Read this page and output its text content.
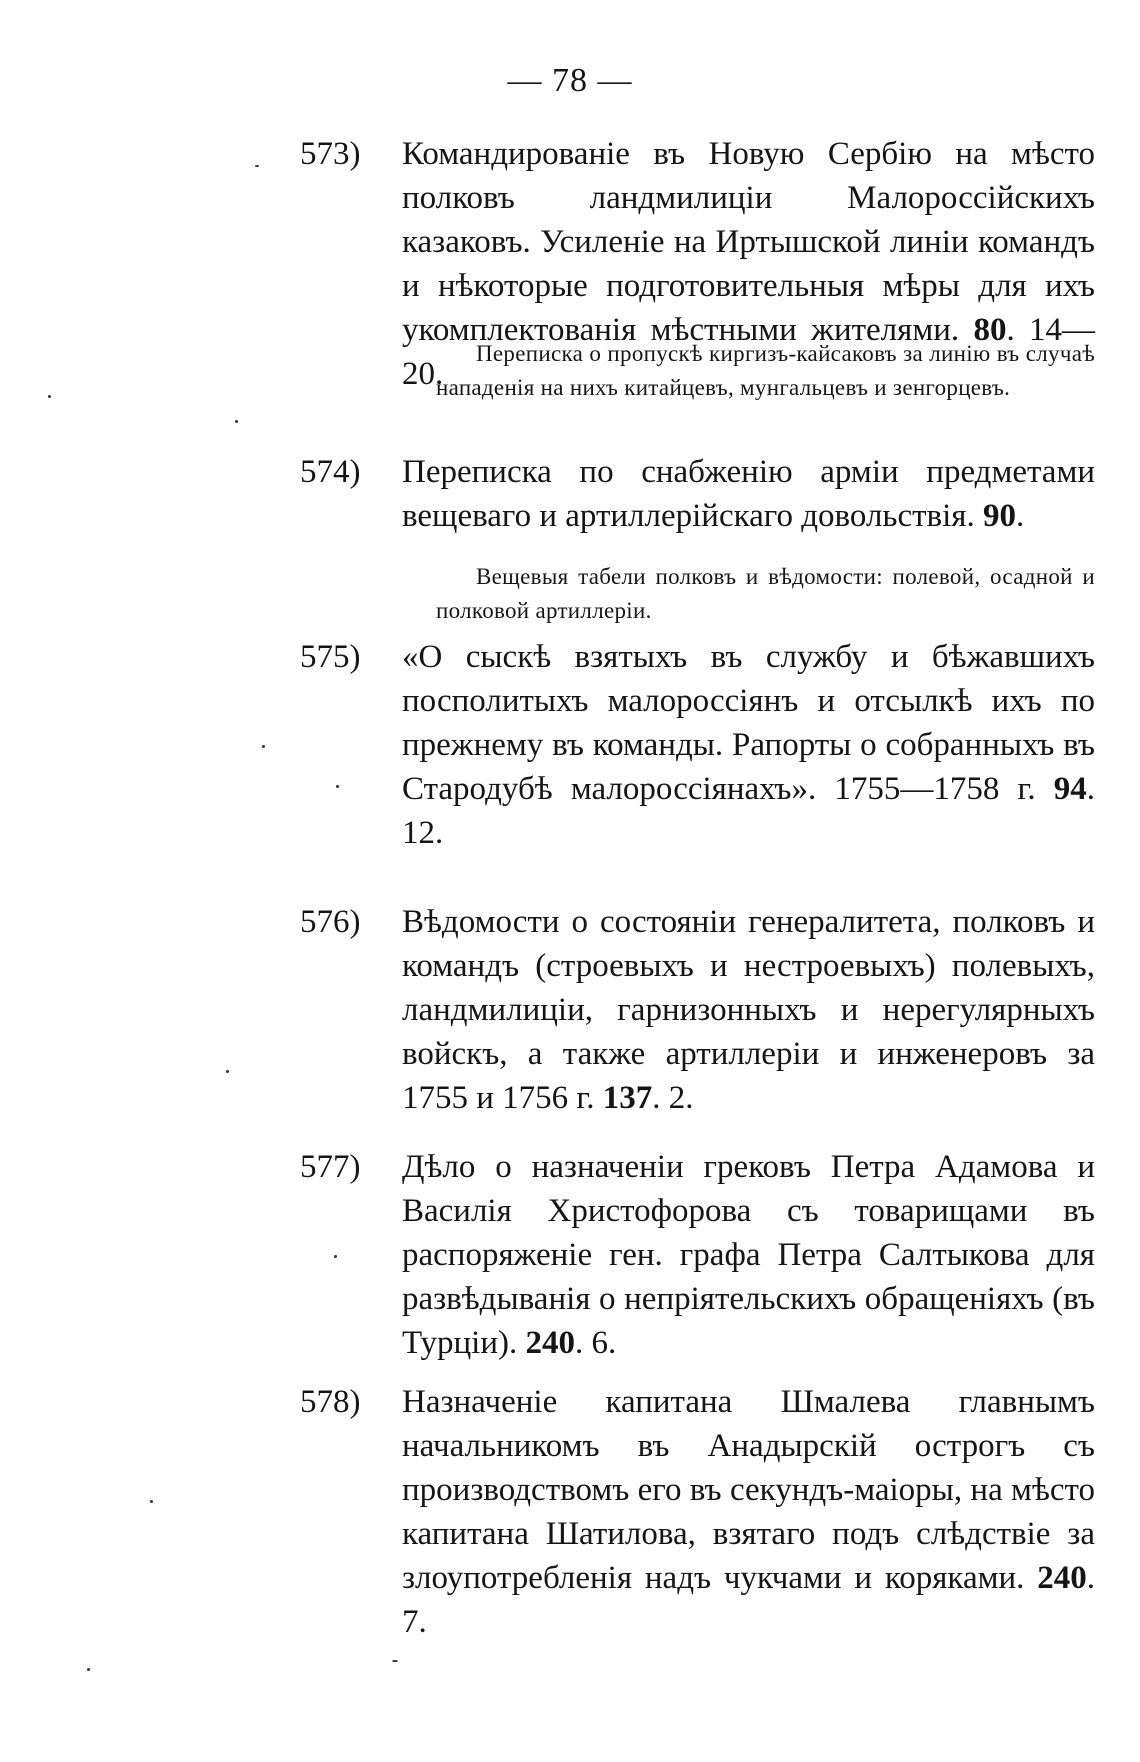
— 78 —
573)	Командированіе въ Новую Сербію на мѣсто полковъ ландмилиціи Малороссійскихъ казаковъ. Усиленіе на Иртышской линіи командъ и нѣкоторые подготовительныя мѣры для ихъ укомплектованія мѣстными жителями. 80. 14—20.
Переписка о пропускѣ киргизъ-кайсаковъ за линію въ случаѣ нападенія на нихъ китайцевъ, мунгальцевъ и зенгорцевъ.
574)	Переписка по снабженію арміи предметами вещеваго и артиллерійскаго довольствія. 90.
Вещевыя табели полковъ и вѣдомости: полевой, осадной и полковой артиллеріи.
575)	«О сыскѣ взятыхъ въ службу и бѣжавшихъ посполитыхъ малороссіянъ и отсылкѣ ихъ по прежнему въ команды. Рапорты о собранныхъ въ Стародубѣ малороссіянахъ». 1755—1758 г. 94. 12.
576)	Вѣдомости о состояніи генералитета, полковъ и командъ (строевыхъ и нестроевыхъ) полевыхъ, ландмилиціи, гарнизонныхъ и нерегулярныхъ войскъ, а также артиллеріи и инженеровъ за 1755 и 1756 г. 137. 2.
577)	Дѣло о назначеніи грековъ Петра Адамова и Василія Христофорова съ товарищами въ распоряженіе ген. графа Петра Салтыкова для развѣдыванія о непріятельскихъ обращеніяхъ (въ Турціи). 240. 6.
578)	Назначеніе капитана Шмалева главнымъ начальникомъ въ Анадырскій острогъ съ производствомъ его въ секундъ-маіоры, на мѣсто капитана Шатилова, взятаго подъ слѣдствіе за злоупотребленія надъ чукчами и коряками. 240. 7.
